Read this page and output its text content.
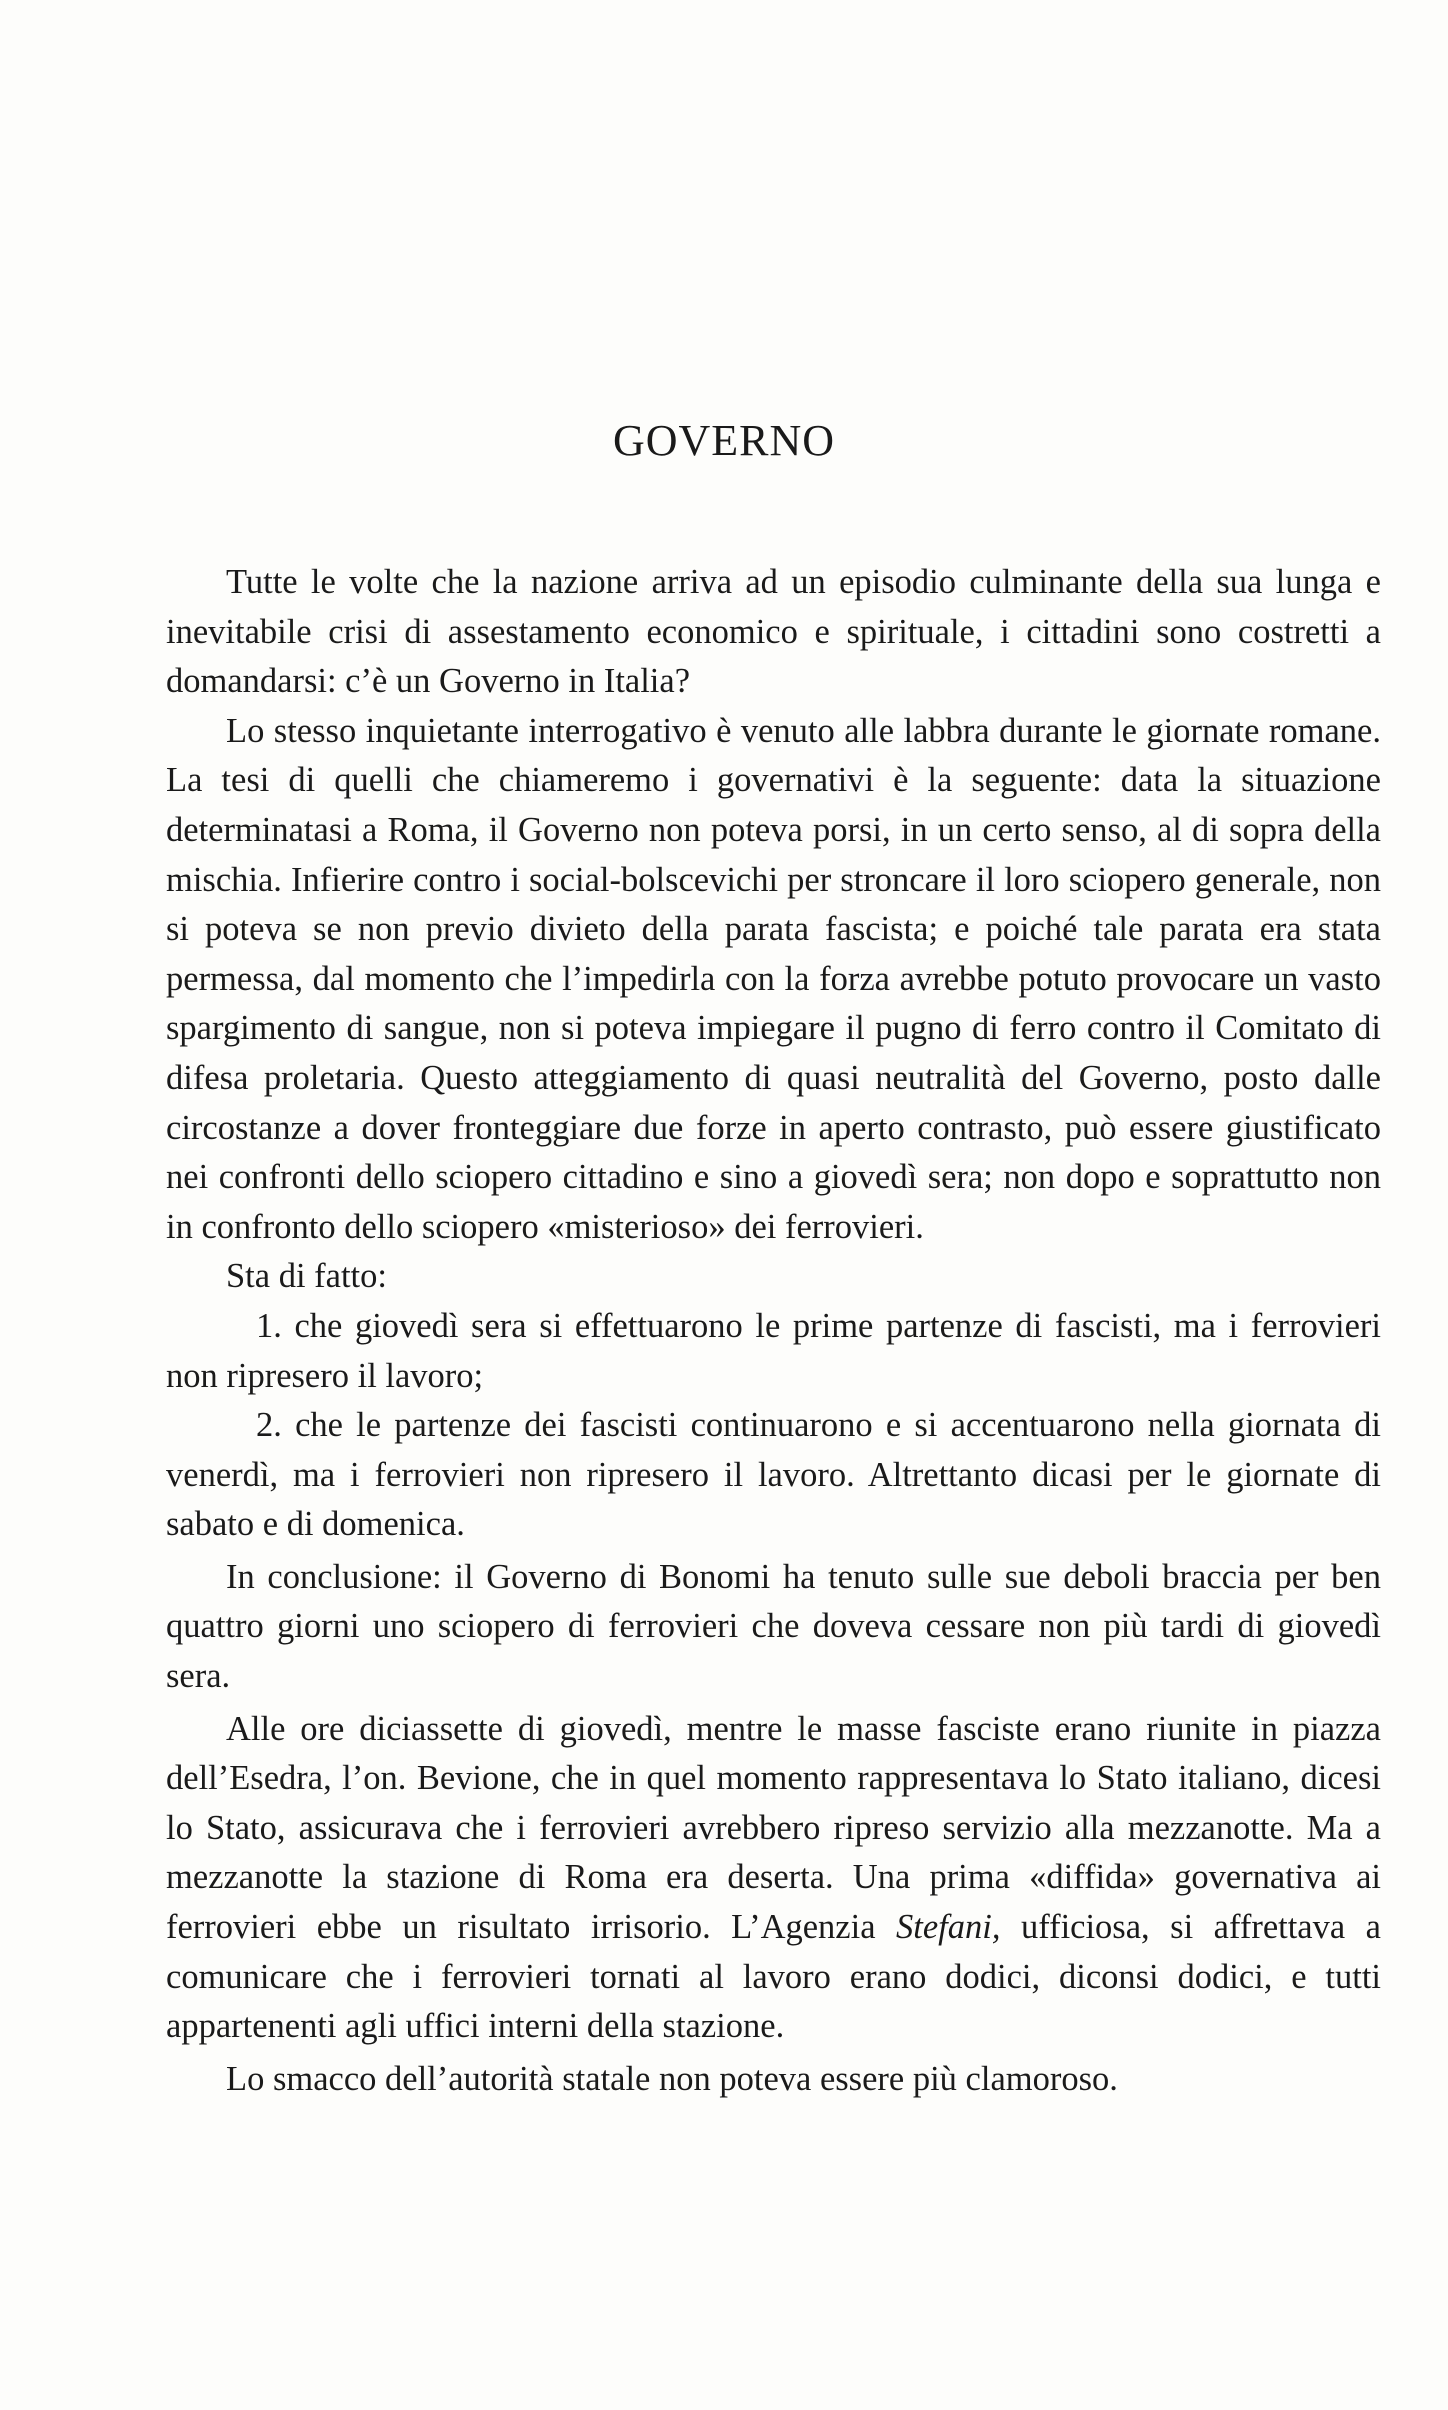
GOVERNO

Tutte le volte che la nazione arriva ad un episodio culminante della sua lunga e inevitabile crisi di assestamento economico e spirituale, i cittadini sono costretti a domandarsi: c’è un Governo in Italia?

Lo stesso inquietante interrogativo è venuto alle labbra durante le giornate romane. La tesi di quelli che chiameremo i governativi è la seguente: data la situazione determinatasi a Roma, il Governo non poteva porsi, in un certo senso, al di sopra della mischia. Infierire contro i social-bolscevichi per stroncare il loro sciopero generale, non si poteva se non previo divieto della parata fascista; e poiché tale parata era stata permessa, dal momento che l’impedirla con la forza avrebbe potuto provocare un vasto spargimento di sangue, non si poteva impiegare il pugno di ferro contro il Comitato di difesa proletaria. Questo atteggiamento di quasi neutralità del Governo, posto dalle circostanze a dover fronteggiare due forze in aperto contrasto, può essere giustificato nei confronti dello sciopero cittadino e sino a giovedì sera; non dopo e soprattutto non in confronto dello sciopero «misterioso» dei ferrovieri.

Sta di fatto:

1. che giovedì sera si effettuarono le prime partenze di fascisti, ma i ferrovieri non ripresero il lavoro;

2. che le partenze dei fascisti continuarono e si accentuarono nella giornata di venerdì, ma i ferrovieri non ripresero il lavoro. Altrettanto dicasi per le giornate di sabato e di domenica.

In conclusione: il Governo di Bonomi ha tenuto sulle sue deboli braccia per ben quattro giorni uno sciopero di ferrovieri che doveva cessare non più tardi di giovedì sera.

Alle ore diciassette di giovedì, mentre le masse fasciste erano riunite in piazza dell’Esedra, l’on. Bevione, che in quel momento rappresentava lo Stato italiano, dicesi lo Stato, assicurava che i ferrovieri avrebbero ripreso servizio alla mezzanotte. Ma a mezzanotte la stazione di Roma era deserta. Una prima «diffida» governativa ai ferrovieri ebbe un risultato irrisorio. L’Agenzia Stefani, ufficiosa, si affrettava a comunicare che i ferrovieri tornati al lavoro erano dodici, diconsi dodici, e tutti appartenenti agli uffici interni della stazione.

Lo smacco dell’autorità statale non poteva essere più clamoroso.
